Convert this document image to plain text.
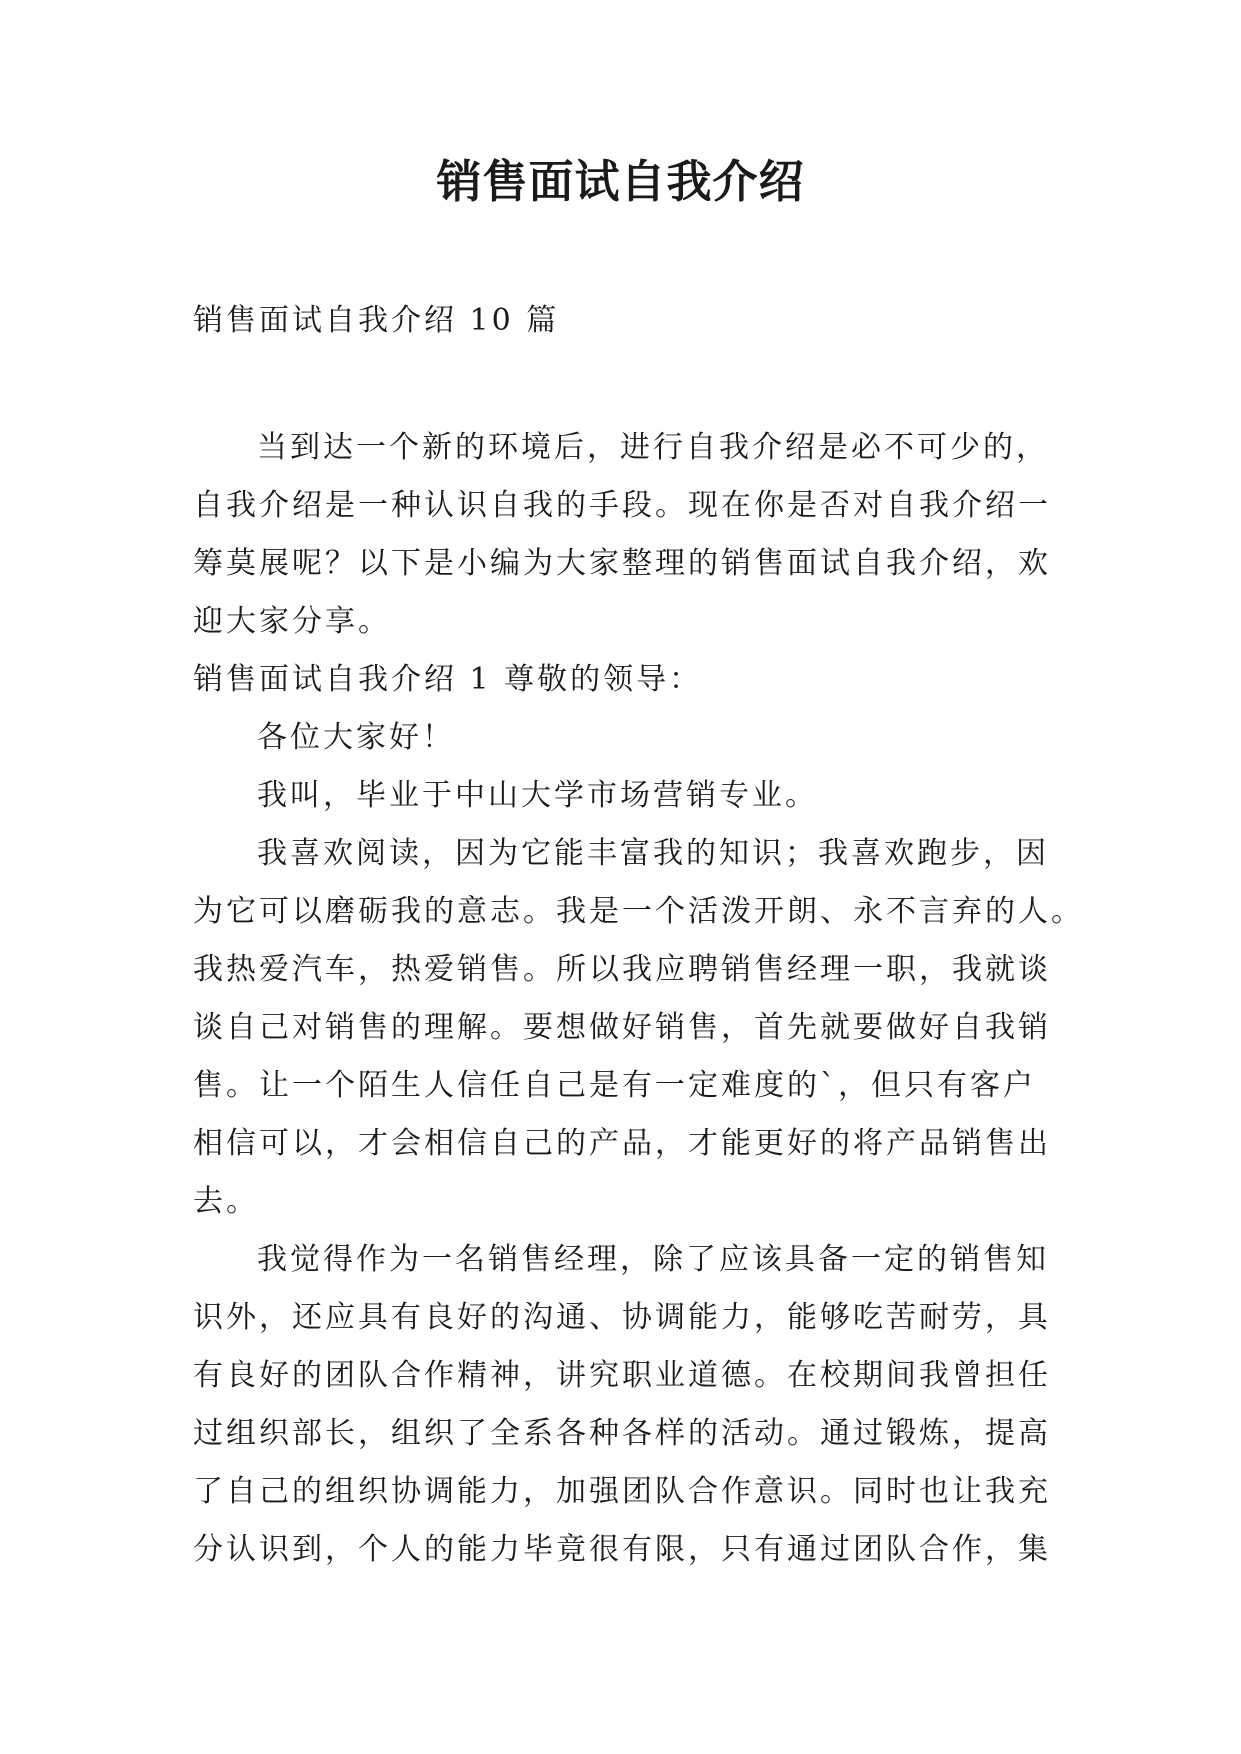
销售面试自我介绍
销售面试自我介绍 10 篇
当到达一个新的环境后，进行自我介绍是必不可少的，
自我介绍是一种认识自我的手段。现在你是否对自我介绍一
筹莫展呢？以下是小编为大家整理的销售面试自我介绍，欢
迎大家分享。
销售面试自我介绍 1 尊敬的领导：
各位大家好！
我叫，毕业于中山大学市场营销专业。
我喜欢阅读，因为它能丰富我的知识；我喜欢跑步，因
为它可以磨砺我的意志。我是一个活泼开朗、永不言弃的人。
我热爱汽车，热爱销售。所以我应聘销售经理一职，我就谈
谈自己对销售的理解。要想做好销售，首先就要做好自我销
售。让一个陌生人信任自己是有一定难度的`，但只有客户
相信可以，才会相信自己的产品，才能更好的将产品销售出
去。
我觉得作为一名销售经理，除了应该具备一定的销售知
识外，还应具有良好的沟通、协调能力，能够吃苦耐劳，具
有良好的团队合作精神，讲究职业道德。在校期间我曾担任
过组织部长，组织了全系各种各样的活动。通过锻炼，提高
了自己的组织协调能力，加强团队合作意识。同时也让我充
分认识到，个人的能力毕竟很有限，只有通过团队合作，集
